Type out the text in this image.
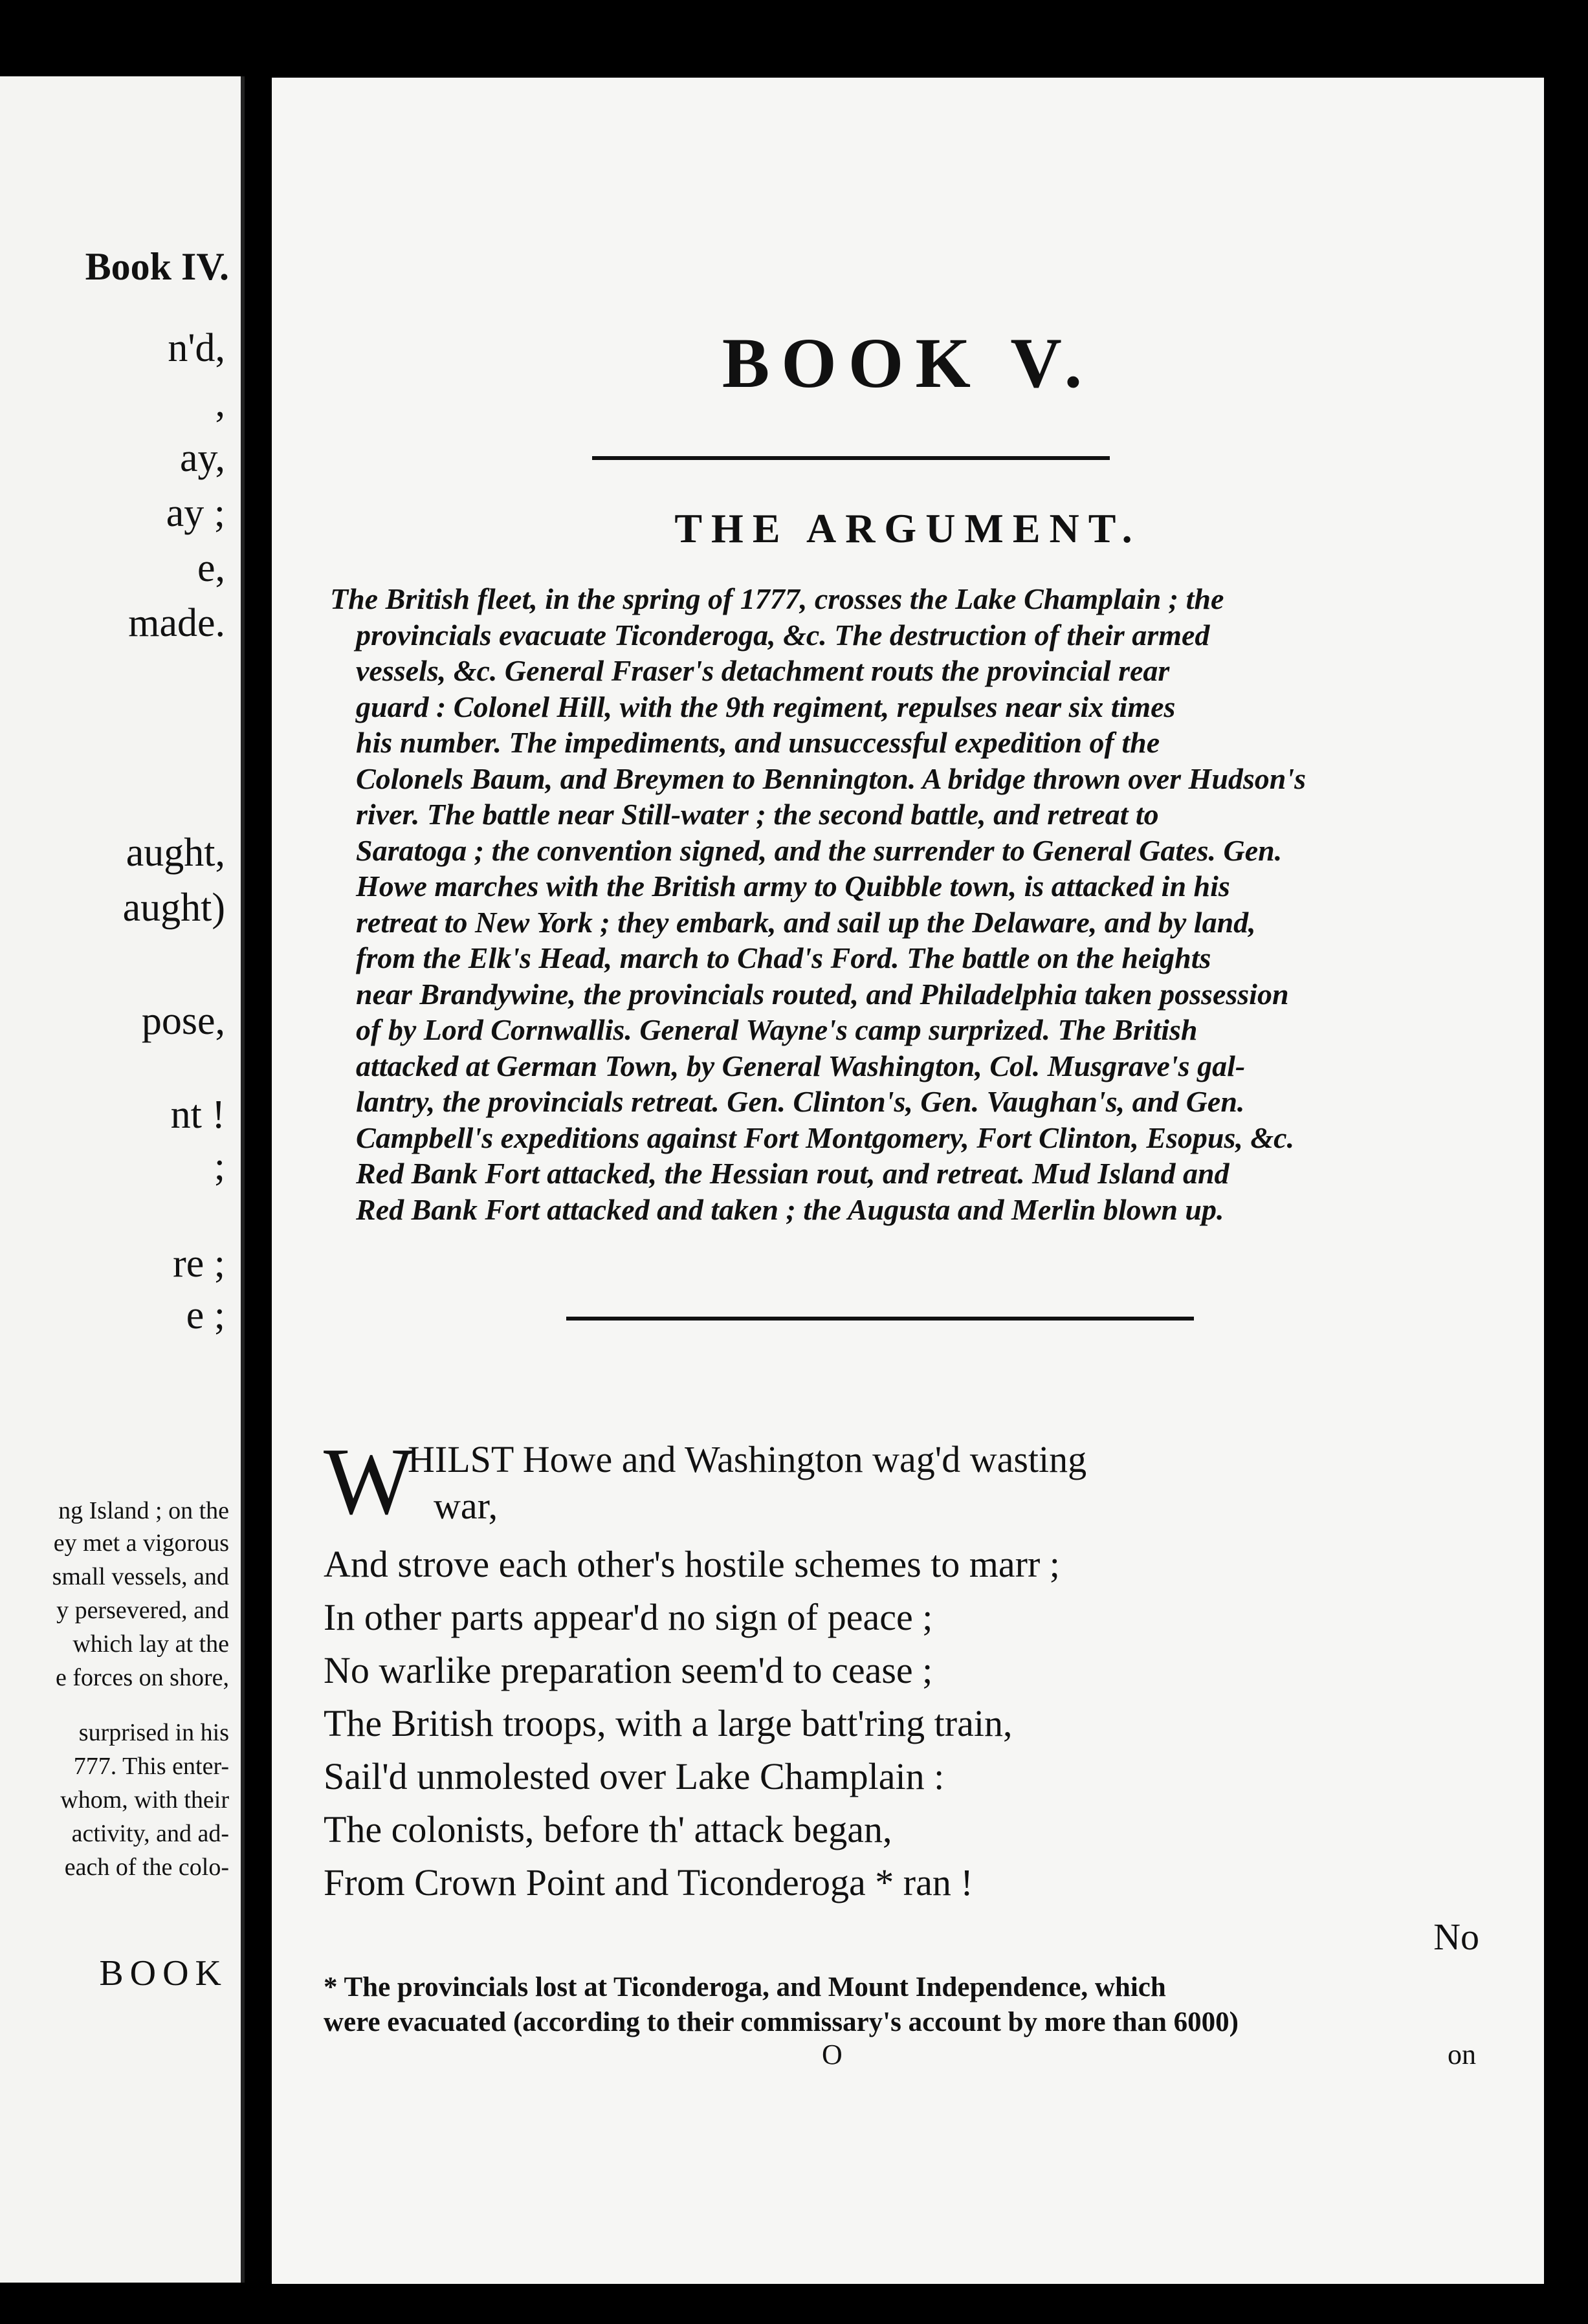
Book IV.
n'd,
,
ay,
ay ;
e,
made.
aught,
aught)
pose,
nt !
;
re ;
e ;
ng Island ; on the
ey met a vigorous
small vessels, and
y persevered, and
which lay at the
e forces on shore,
surprised in his
777. This enter-
whom, with their
activity, and ad-
each of the colo-
BOOK
BOOK V.
THE ARGUMENT.
The British fleet, in the spring of 1777, crosses the Lake Champlain ; the
provincials evacuate Ticonderoga, &c. The destruction of their armed
vessels, &c. General Fraser's detachment routs the provincial rear
guard : Colonel Hill, with the 9th regiment, repulses near six times
his number. The impediments, and unsuccessful expedition of the
Colonels Baum, and Breymen to Bennington. A bridge thrown over Hudson's
river. The battle near Still-water ; the second battle, and retreat to
Saratoga ; the convention signed, and the surrender to General Gates. Gen.
Howe marches with the British army to Quibble town, is attacked in his
retreat to New York ; they embark, and sail up the Delaware, and by land,
from the Elk's Head, march to Chad's Ford. The battle on the heights
near Brandywine, the provincials routed, and Philadelphia taken possession
of by Lord Cornwallis. General Wayne's camp surprized. The British
attacked at German Town, by General Washington, Col. Musgrave's gal-
lantry, the provincials retreat. Gen. Clinton's, Gen. Vaughan's, and Gen.
Campbell's expeditions against Fort Montgomery, Fort Clinton, Esopus, &c.
Red Bank Fort attacked, the Hessian rout, and retreat. Mud Island and
Red Bank Fort attacked and taken ; the Augusta and Merlin blown up.
W
HILST Howe and Washington wag'd wasting
war,
And strove each other's hostile schemes to marr ;
In other parts appear'd no sign of peace ;
No warlike preparation seem'd to cease ;
The British troops, with a large batt'ring train,
Sail'd unmolested over Lake Champlain :
The colonists, before th' attack began,
From Crown Point and Ticonderoga * ran !
No
* The provincials lost at Ticonderoga, and Mount Independence, which
were evacuated (according to their commissary's account by more than 6000)
O	on
